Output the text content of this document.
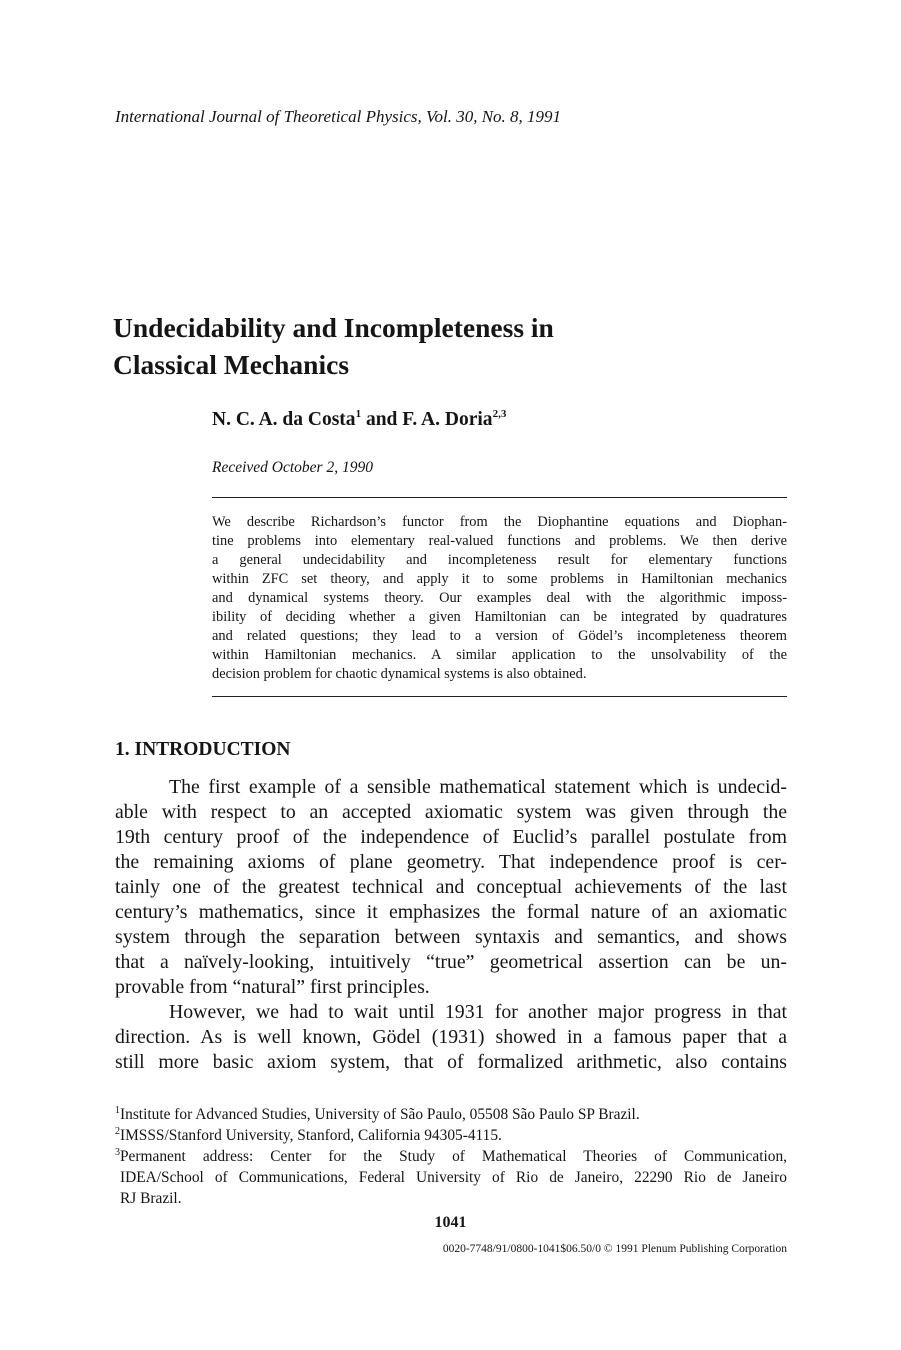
International Journal of Theoretical Physics, Vol. 30, No. 8, 1991
Undecidability and Incompleteness in
Classical Mechanics
N. C. A. da Costa$^1$ and F. A. Doria$^{2,3}$
Received October 2, 1990
We describe Richardson’s functor from the Diophantine equations and Diophan-
tine problems into elementary real-valued functions and problems. We then derive
a general undecidability and incompleteness result for elementary functions
within ZFC set theory, and apply it to some problems in Hamiltonian mechanics
and dynamical systems theory. Our examples deal with the algorithmic imposs-
ibility of deciding whether a given Hamiltonian can be integrated by quadratures
and related questions; they lead to a version of Gödel’s incompleteness theorem
within Hamiltonian mechanics. A similar application to the unsolvability of the
decision problem for chaotic dynamical systems is also obtained.
1. INTRODUCTION
The first example of a sensible mathematical statement which is undecid-
able with respect to an accepted axiomatic system was given through the
19th century proof of the independence of Euclid’s parallel postulate from
the remaining axioms of plane geometry. That independence proof is cer-
tainly one of the greatest technical and conceptual achievements of the last
century’s mathematics, since it emphasizes the formal nature of an axiomatic
system through the separation between syntaxis and semantics, and shows
that a naïvely-looking, intuitively “true” geometrical assertion can be un-
provable from “natural” first principles.
However, we had to wait until 1931 for another major progress in that
direction. As is well known, Gödel (1931) showed in a famous paper that a
still more basic axiom system, that of formalized arithmetic, also contains
$^1$Institute for Advanced Studies, University of São Paulo, 05508 São Paulo SP Brazil.
$^2$IMSSS/Stanford University, Stanford, California 94305-4115.
$^3$Permanent address: Center for the Study of Mathematical Theories of Communication,
IDEA/School of Communications, Federal University of Rio de Janeiro, 22290 Rio de Janeiro
RJ Brazil.
1041
0020-7748/91/0800-1041$06.50/0 © 1991 Plenum Publishing Corporation
